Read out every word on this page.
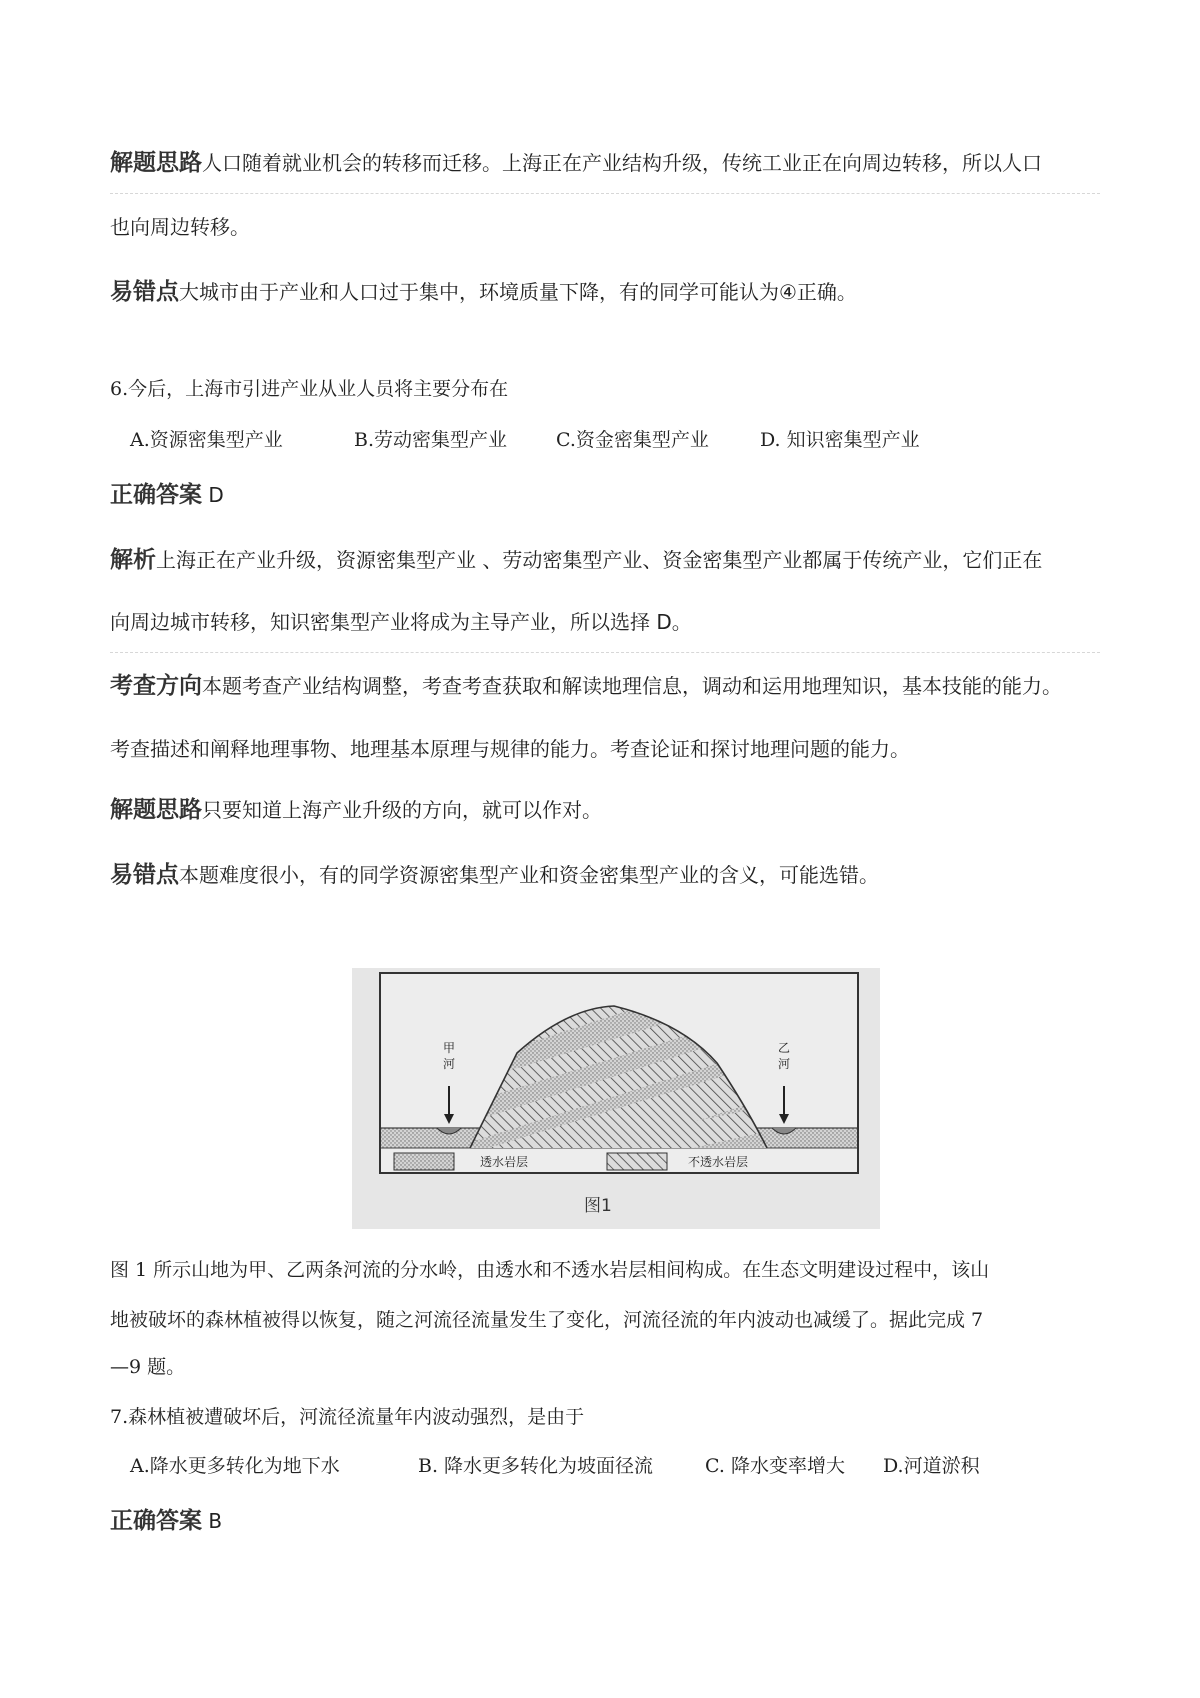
解题思路人口随着就业机会的转移而迁移。上海正在产业结构升级，传统工业正在向周边转移，所以人口
也向周边转移。
易错点大城市由于产业和人口过于集中，环境质量下降，有的同学可能认为④正确。
6.今后，上海市引进产业从业人员将主要分布在
A.资源密集型产业	B.劳动密集型产业	C.资金密集型产业	D. 知识密集型产业
正确答案 D
解析上海正在产业升级，资源密集型产业 、劳动密集型产业、资金密集型产业都属于传统产业，它们正在
向周边城市转移，知识密集型产业将成为主导产业，所以选择 D。
考查方向本题考查产业结构调整，考查考查获取和解读地理信息，调动和运用地理知识，基本技能的能力。
考查描述和阐释地理事物、地理基本原理与规律的能力。考查论证和探讨地理问题的能力。
解题思路只要知道上海产业升级的方向，就可以作对。
易错点本题难度很小，有的同学资源密集型产业和资金密集型产业的含义，可能选错。
甲河
乙河
透水岩层	不透水岩层
图1
图 1 所示山地为甲、乙两条河流的分水岭，由透水和不透水岩层相间构成。在生态文明建设过程中，该山
地被破坏的森林植被得以恢复，随之河流径流量发生了变化，河流径流的年内波动也减缓了。据此完成 7
—9 题。
7.森林植被遭破坏后，河流径流量年内波动强烈，是由于
A.降水更多转化为地下水	B. 降水更多转化为坡面径流	C. 降水变率增大 D.河道淤积
正确答案 B
